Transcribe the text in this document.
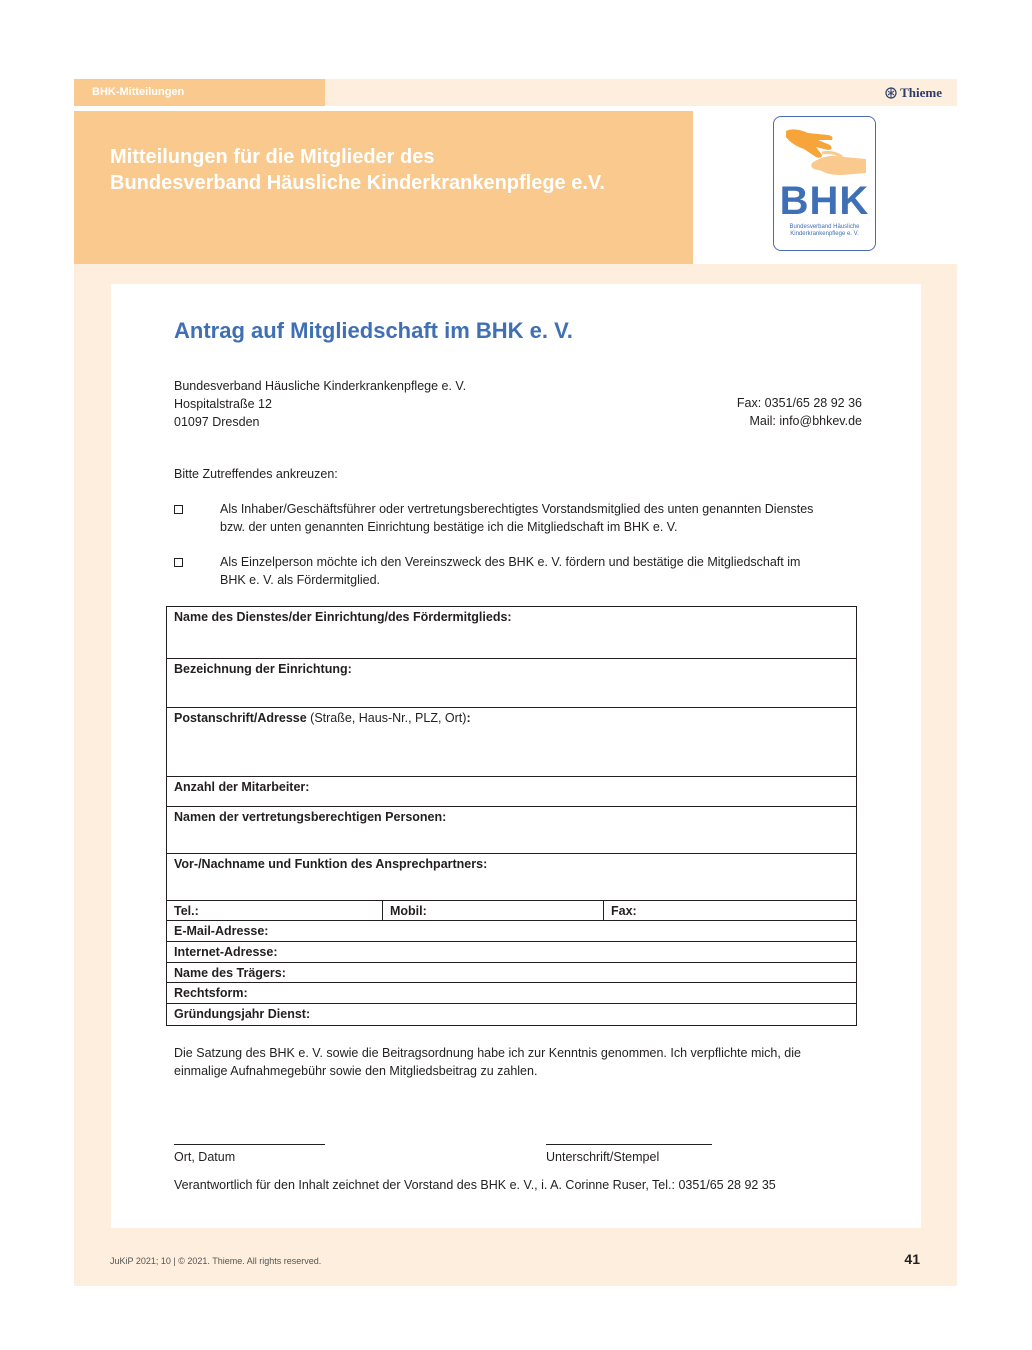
BHK-Mitteilungen	Thieme
Mitteilungen für die Mitglieder des
Bundesverband Häusliche Kinderkrankenpflege e.V.	BHK
Bundesverband Häusliche
Kinderkrankenpflege e. V.
Antrag auf Mitgliedschaft im BHK e. V.
Bundesverband Häusliche Kinderkrankenpflege e. V.
Hospitalstraße 12
01097 Dresden
Fax: 0351/65 28 92 36
Mail: info@bhkev.de
Bitte Zutreffendes ankreuzen:
Als Inhaber/Geschäftsführer oder vertretungsberechtigtes Vorstandsmitglied des unten genannten Dienstes
bzw. der unten genannten Einrichtung bestätige ich die Mitgliedschaft im BHK e. V.
Als Einzelperson möchte ich den Vereinszweck des BHK e. V. fördern und bestätige die Mitgliedschaft im
BHK e. V. als Fördermitglied.
Name des Dienstes/der Einrichtung/des Fördermitglieds:
Bezeichnung der Einrichtung:
Postanschrift/Adresse (Straße, Haus-Nr., PLZ, Ort):
Anzahl der Mitarbeiter:
Namen der vertretungsberechtigen Personen:
Vor-/Nachname und Funktion des Ansprechpartners:
Tel.:	Mobil:	Fax:
E-Mail-Adresse:
Internet-Adresse:
Name des Trägers:
Rechtsform:
Gründungsjahr Dienst:
Die Satzung des BHK e. V. sowie die Beitragsordnung habe ich zur Kenntnis genommen. Ich verpflichte mich, die
einmalige Aufnahmegebühr sowie den Mitgliedsbeitrag zu zahlen.
Ort, Datum	Unterschrift/Stempel
Verantwortlich für den Inhalt zeichnet der Vorstand des BHK e. V., i. A. Corinne Ruser, Tel.: 0351/65 28 92 35
JuKiP 2021; 10 | © 2021. Thieme. All rights reserved.	41
